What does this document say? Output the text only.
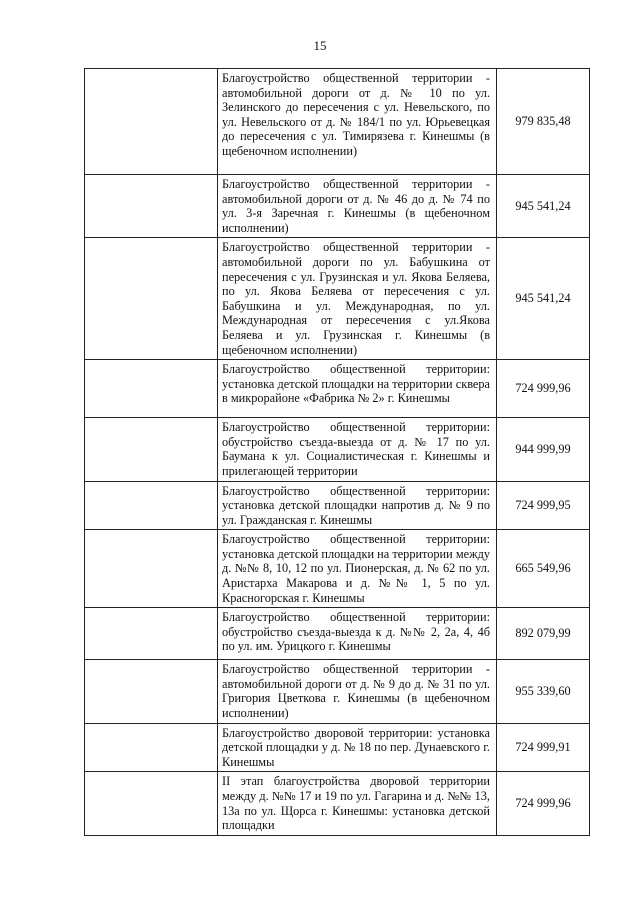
15

	Благоустройство общественной территории - автомобильной дороги от д. № 10 по ул. Зелинского до пересечения с ул. Невельского, по ул. Невельского от д. № 184/1 по ул. Юрьевецкая до пересечения с ул. Тимирязева г. Кинешмы (в щебеночном исполнении)	979 835,48

	Благоустройство общественной территории - автомобильной дороги от д. № 46 до д. № 74 по ул. 3-я Заречная г. Кинешмы (в щебеночном исполнении)	945 541,24

	Благоустройство общественной территории - автомобильной дороги по ул. Бабушкина от пересечения с ул. Грузинская и ул. Якова Беляева, по ул. Якова Беляева от пересечения с ул. Бабушкина и ул. Международная, по ул. Международная от пересечения с ул.Якова Беляева и ул. Грузинская г. Кинешмы (в щебеночном исполнении)	945 541,24

	Благоустройство общественной территории: установка детской площадки на территории сквера в микрорайоне «Фабрика № 2» г. Кинешмы	724 999,96

	Благоустройство общественной территории: обустройство съезда-выезда от д. № 17 по ул. Баумана к ул. Социалистическая г. Кинешмы и прилегающей территории	944 999,99

	Благоустройство общественной территории: установка детской площадки напротив д. № 9 по ул. Гражданская г. Кинешмы	724 999,95

	Благоустройство общественной территории: установка детской площадки на территории между д. №№ 8, 10, 12 по ул. Пионерская, д. № 62 по ул. Аристарха Макарова и д. №№ 1, 5 по ул. Красногорская г. Кинешмы	665 549,96

	Благоустройство общественной территории: обустройство съезда-выезда к д. №№ 2, 2а, 4, 4б по ул. им. Урицкого г. Кинешмы	892 079,99

	Благоустройство общественной территории - автомобильной дороги от д. № 9 до д. № 31 по ул. Григория Цветкова г. Кинешмы (в щебеночном исполнении)	955 339,60

	Благоустройство дворовой территории: установка детской площадки у д. № 18 по пер. Дунаевского г. Кинешмы	724 999,91

	II этап благоустройства дворовой территории между д. №№ 17 и 19 по ул. Гагарина и д. №№ 13, 13а по ул. Щорса г. Кинешмы: установка детской площадки	724 999,96
